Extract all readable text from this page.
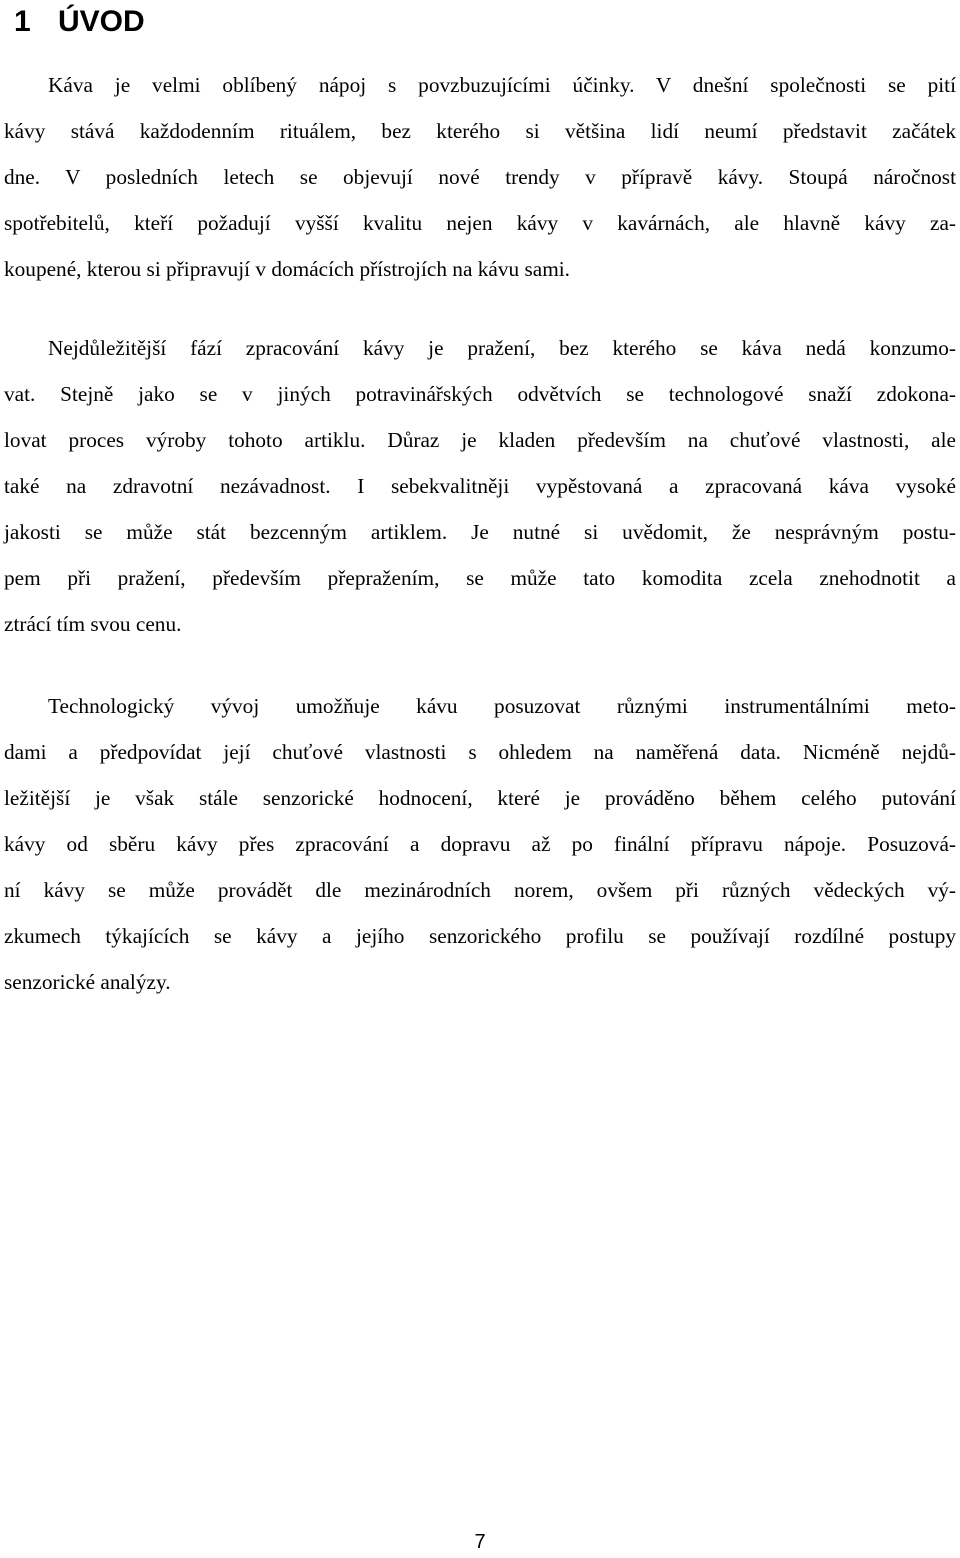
1 ÚVOD

Káva je velmi oblíbený nápoj s povzbuzujícími účinky. V dnešní společnosti se pití
kávy stává každodenním rituálem, bez kterého si většina lidí neumí představit začátek
dne. V posledních letech se objevují nové trendy v přípravě kávy. Stoupá náročnost
spotřebitelů, kteří požadují vyšší kvalitu nejen kávy v kavárnách, ale hlavně kávy za-
koupené, kterou si připravují v domácích přístrojích na kávu sami.

Nejdůležitější fází zpracování kávy je pražení, bez kterého se káva nedá konzumo-
vat. Stejně jako se v jiných potravinářských odvětvích se technologové snaží zdokona-
lovat proces výroby tohoto artiklu. Důraz je kladen především na chuťové vlastnosti, ale
také na zdravotní nezávadnost. I sebekvalitněji vypěstovaná a zpracovaná káva vysoké
jakosti se může stát bezcenným artiklem. Je nutné si uvědomit, že nesprávným postu-
pem při pražení, především přepražením, se může tato komodita zcela znehodnotit a
ztrácí tím svou cenu.

Technologický vývoj umožňuje kávu posuzovat různými instrumentálními meto-
dami a předpovídat její chuťové vlastnosti s ohledem na naměřená data. Nicméně nejdů-
ležitější je však stále senzorické hodnocení, které je prováděno během celého putování
kávy od sběru kávy přes zpracování a dopravu až po finální přípravu nápoje. Posuzová-
ní kávy se může provádět dle mezinárodních norem, ovšem při různých vědeckých vý-
zkumech týkajících se kávy a jejího senzorického profilu se používají rozdílné postupy
senzorické analýzy.

7
